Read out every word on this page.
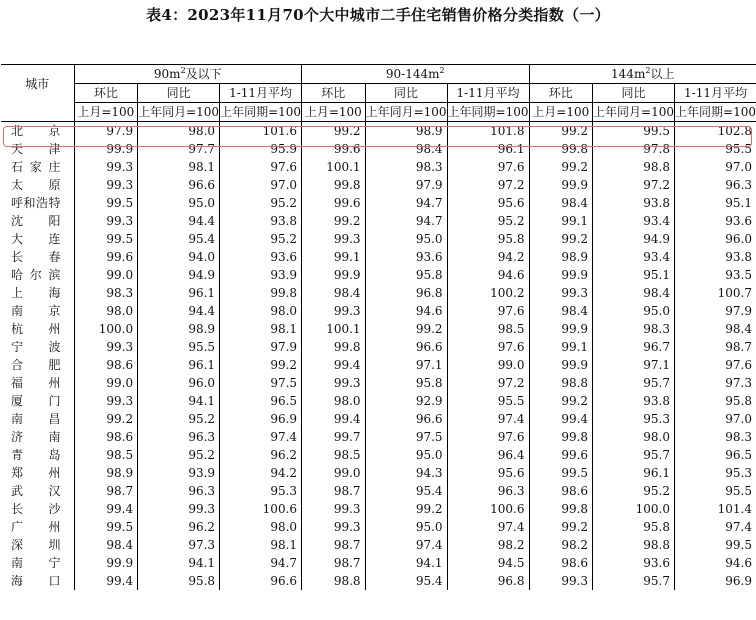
表4：2023年11月70个大中城市二手住宅销售价格分类指数（一）
城市	$90m^2$及以下			$90-144m^2$			$144m^2$以上		
	环比	同比	1-11月平均	环比	同比	1-11月平均	环比	同比	1-11月平均
	上月=100	上年同月=100	上年同期=100	上月=100	上年同月=100	上年同期=100	上月=100	上年同月=100	上年同期=100
北京	97.9	98.0	101.6	99.2	98.9	101.8	99.2	99.5	102.8
天津	99.9	97.7	95.9	99.6	98.4	96.1	99.8	97.8	95.5
石家庄	99.3	98.1	97.6	100.1	98.3	97.6	99.2	98.8	97.0
太原	99.3	96.6	97.0	99.8	97.9	97.2	99.9	97.2	96.3
呼和浩特	99.5	95.0	95.2	99.6	94.7	95.6	98.4	93.8	95.1
沈阳	99.3	94.4	93.8	99.2	94.7	95.2	99.1	93.4	93.6
大连	99.5	95.4	95.2	99.3	95.0	95.8	99.2	94.9	96.0
长春	99.6	94.0	93.6	99.1	93.6	94.2	98.9	93.4	93.8
哈尔滨	99.0	94.9	93.9	99.9	95.8	94.6	99.9	95.1	93.5
上海	98.3	96.1	99.8	98.4	96.8	100.2	99.3	98.4	100.7
南京	98.0	94.4	98.0	99.3	94.6	97.6	98.4	95.0	97.9
杭州	100.0	98.9	98.1	100.1	99.2	98.5	99.9	98.3	98.4
宁波	99.3	95.5	97.9	99.8	96.6	97.6	99.1	96.7	98.7
合肥	98.6	96.1	99.2	99.4	97.1	99.0	99.9	97.1	97.6
福州	99.0	96.0	97.5	99.3	95.8	97.2	98.8	95.7	97.3
厦门	99.3	94.1	96.5	98.0	92.9	95.5	99.2	93.8	95.8
南昌	99.2	95.2	96.9	99.4	96.6	97.4	99.4	95.3	97.0
济南	98.6	96.3	97.4	99.7	97.5	97.6	99.8	98.0	98.3
青岛	98.5	95.2	96.2	98.5	95.0	96.4	99.6	95.7	96.5
郑州	98.9	93.9	94.2	99.0	94.3	95.6	99.5	96.1	95.3
武汉	98.7	96.3	95.3	98.7	95.4	96.3	98.6	95.2	95.5
长沙	99.4	99.3	100.6	99.3	99.2	100.6	99.8	100.0	101.4
广州	99.5	96.2	98.0	99.3	95.0	97.4	99.2	95.8	97.4
深圳	98.4	97.3	98.1	98.7	97.4	98.2	98.2	98.8	99.5
南宁	99.9	94.1	94.7	98.7	94.1	94.5	98.6	93.6	94.6
海口	99.4	95.8	96.6	98.8	95.4	96.8	99.3	95.7	96.9
